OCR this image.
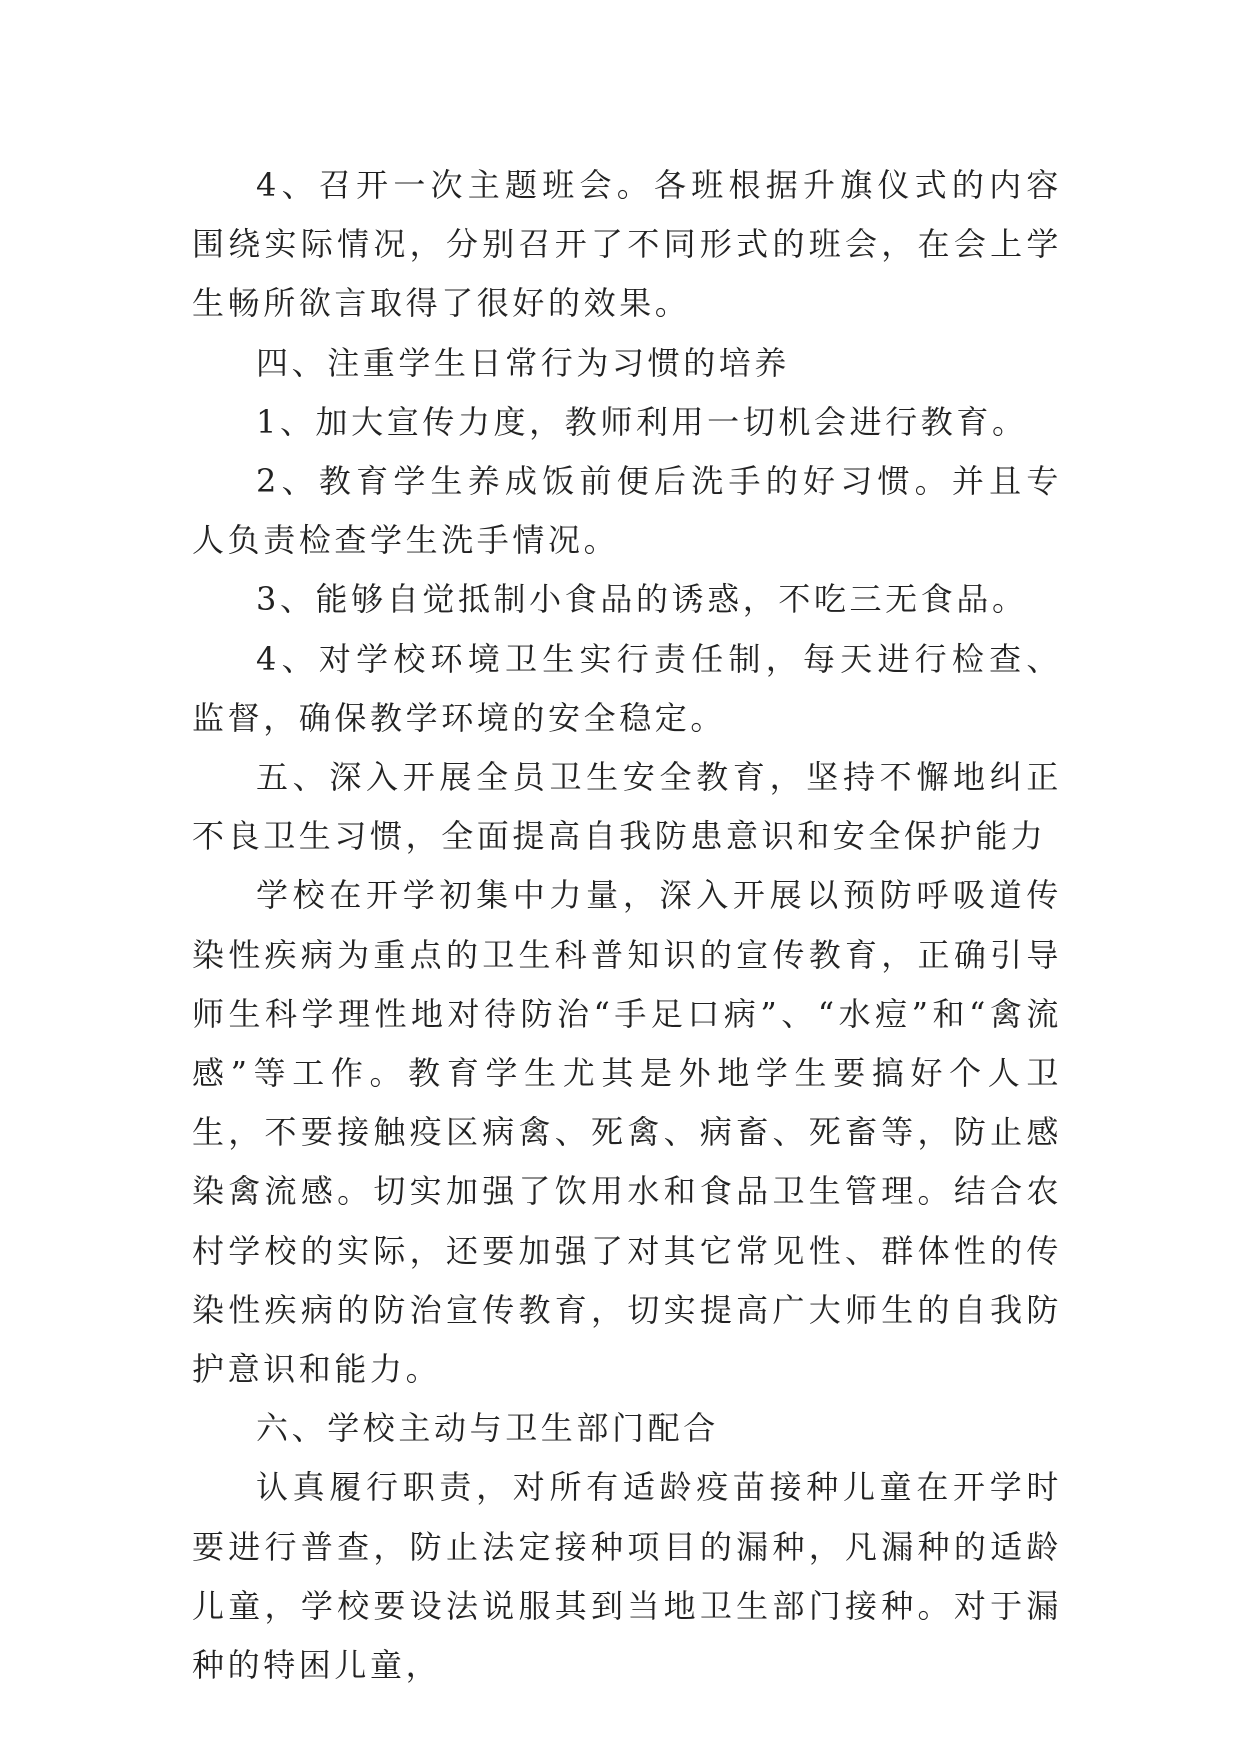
4、召开一次主题班会。各班根据升旗仪式的内容围绕实际情况，分别召开了不同形式的班会，在会上学生畅所欲言取得了很好的效果。

四、注重学生日常行为习惯的培养

1、加大宣传力度，教师利用一切机会进行教育。

2、教育学生养成饭前便后洗手的好习惯。并且专人负责检查学生洗手情况。

3、能够自觉抵制小食品的诱惑，不吃三无食品。

4、对学校环境卫生实行责任制，每天进行检查、监督，确保教学环境的安全稳定。

五、深入开展全员卫生安全教育，坚持不懈地纠正不良卫生习惯，全面提高自我防患意识和安全保护能力

学校在开学初集中力量，深入开展以预防呼吸道传染性疾病为重点的卫生科普知识的宣传教育，正确引导师生科学理性地对待防治“手足口病”、“水痘”和“禽流感”等工作。教育学生尤其是外地学生要搞好个人卫生，不要接触疫区病禽、死禽、病畜、死畜等，防止感染禽流感。切实加强了饮用水和食品卫生管理。结合农村学校的实际，还要加强了对其它常见性、群体性的传染性疾病的防治宣传教育，切实提高广大师生的自我防护意识和能力。

六、学校主动与卫生部门配合

认真履行职责，对所有适龄疫苗接种儿童在开学时要进行普查，防止法定接种项目的漏种，凡漏种的适龄儿童，学校要设法说服其到当地卫生部门接种。对于漏种的特困儿童，
